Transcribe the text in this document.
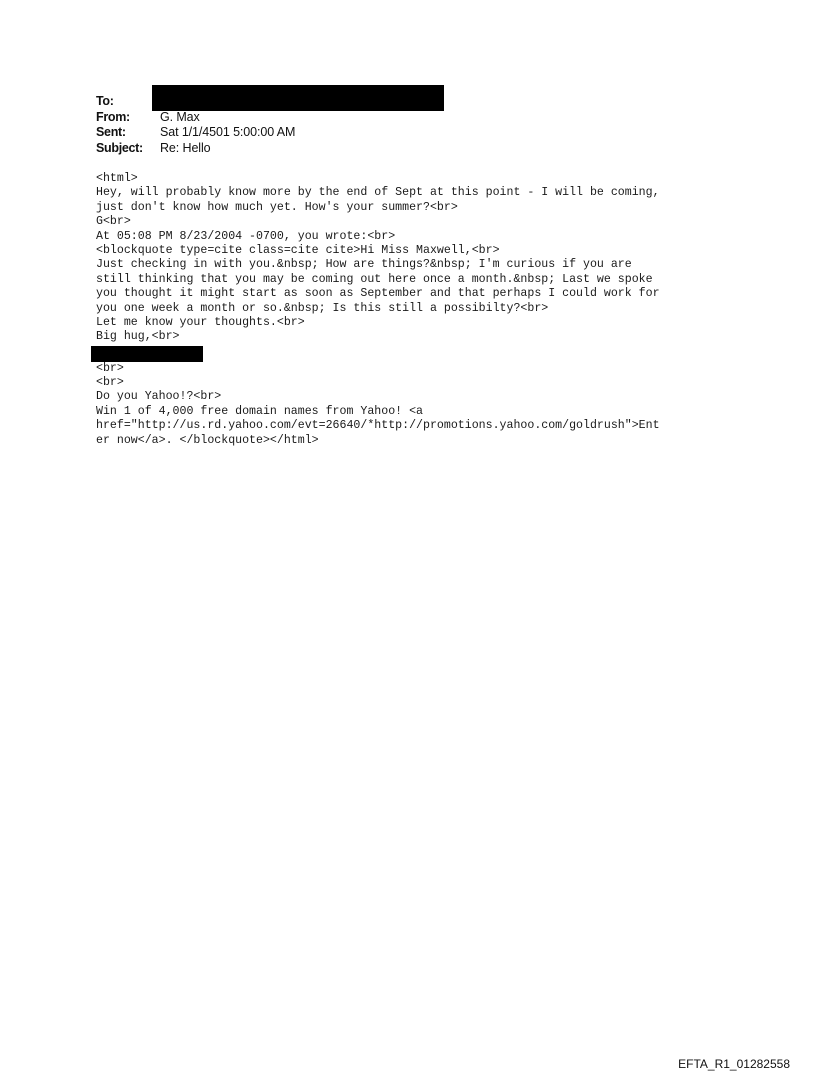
To:
From:	G. Max
Sent:	Sat 1/1/4501 5:00:00 AM
Subject:	Re: Hello
<html>
Hey, will probably know more by the end of Sept at this point - I will be coming,
just don't know how much yet. How's your summer?<br>
G<br>
At 05:08 PM 8/23/2004 -0700, you wrote:<br>
<blockquote type=cite class=cite cite>Hi Miss Maxwell,<br>
Just checking in with you.&nbsp; How are things?&nbsp; I'm curious if you are
still thinking that you may be coming out here once a month.&nbsp; Last we spoke
you thought it might start as soon as September and that perhaps I could work for
you one week a month or so.&nbsp; Is this still a possibilty?<br>
Let me know your thoughts.<br>
Big hug,<br>
<br>
<br>
Do you Yahoo!?<br>
Win 1 of 4,000 free domain names from Yahoo! <a
href="http://us.rd.yahoo.com/evt=26640/*http://promotions.yahoo.com/goldrush">Ent
er now</a>. </blockquote></html>
EFTA_R1_01282558
